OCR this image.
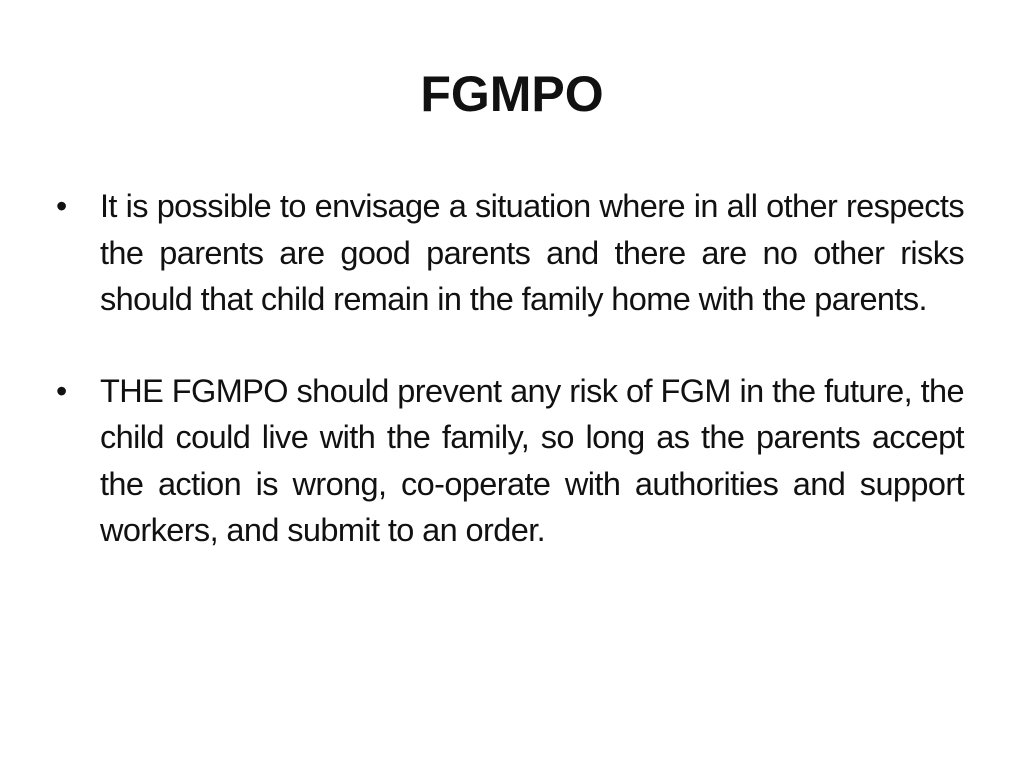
FGMPO
•	It is possible to envisage a situation where in all other respects the parents are good parents and there are no other risks should that child remain in the family home with the parents.
•	THE FGMPO should prevent any risk of FGM in the future, the child could live with the family, so long as the parents accept the action is wrong, co-operate with authorities and support workers, and submit to an order.
